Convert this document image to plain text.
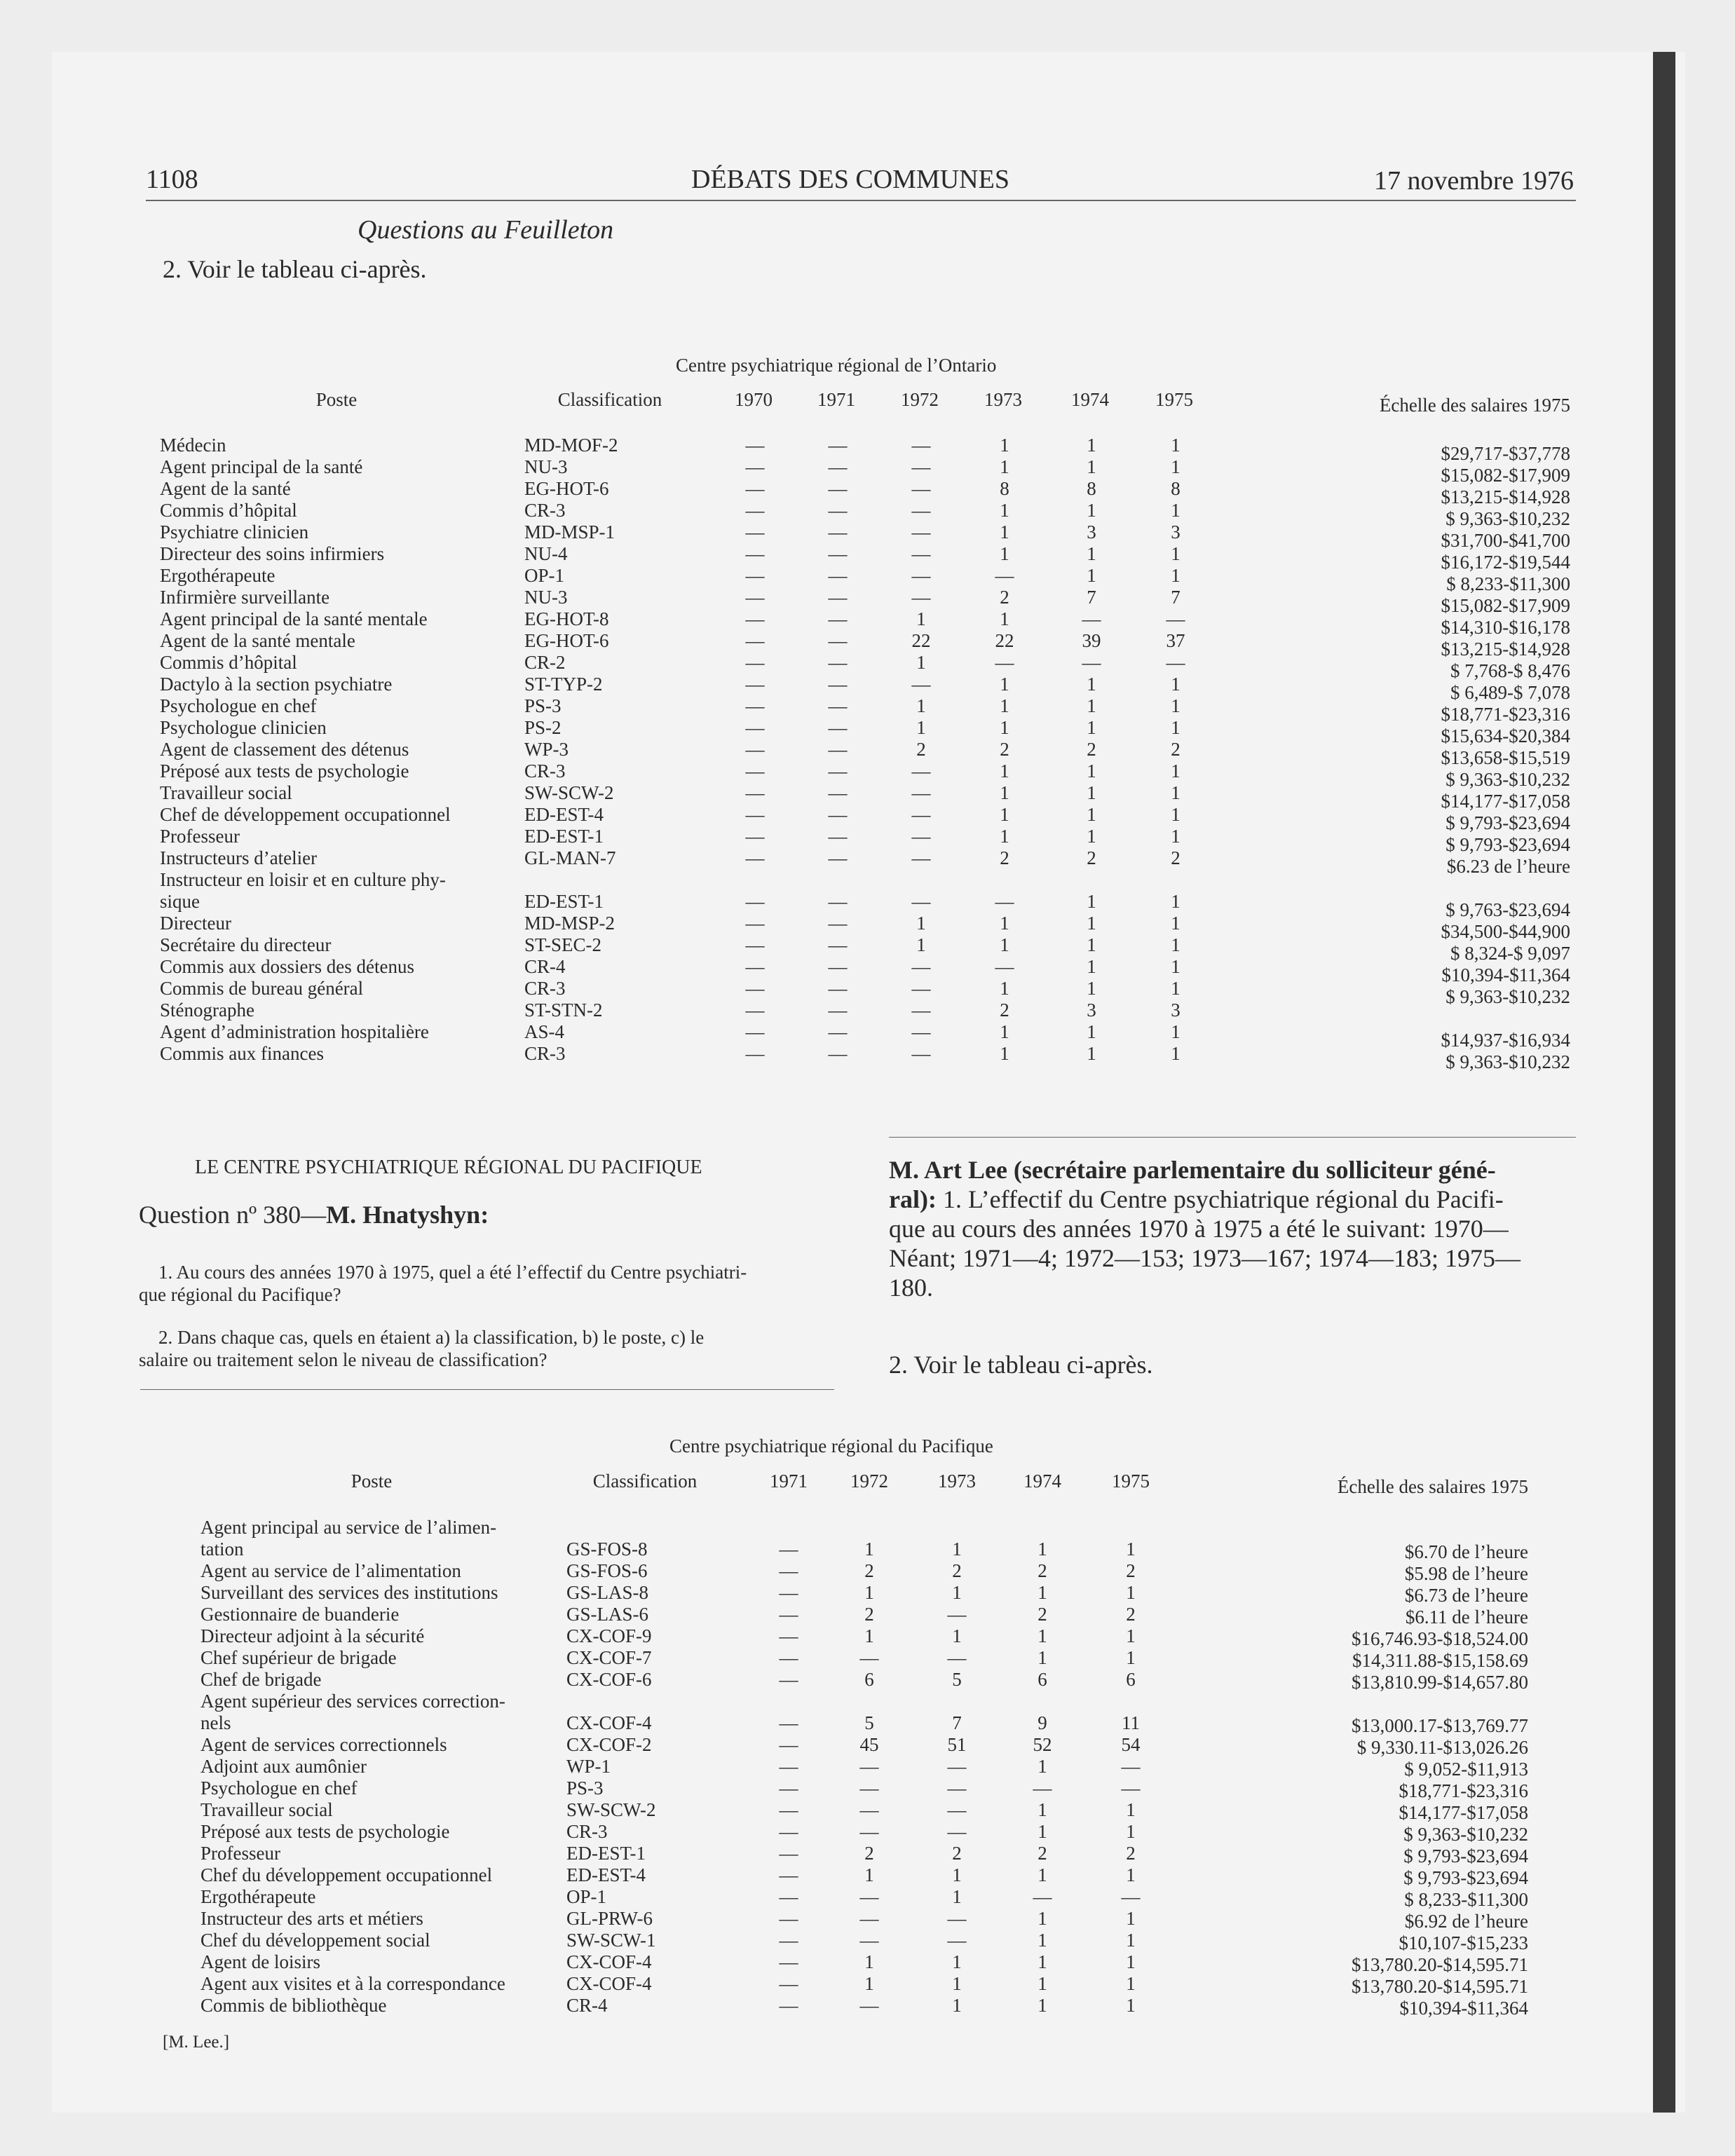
1108	DÉBATS DES COMMUNES	17 novembre 1976
Questions au Feuilleton
2. Voir le tableau ci-après.
Centre psychiatrique régional de l’Ontario
Poste	Classification	1970 1971 1972 1973	1974 1975	Échelle des salaires 1975
Médecin	MD-MOF-2	—	—	—	1	1	1	$29,717-$37,778
Agent principal de la santé	NU-3	—	—	—	1	1	1	$15,082-$17,909
Agent de la santé	EG-HOT-6	—	—	—	8	8	8	$13,215-$14,928
Commis d’hôpital	CR-3	—	—	—	1	1	1	$ 9,363-$10,232
Psychiatre clinicien	MD-MSP-1	—	—	—	1	3	3	$31,700-$41,700
Directeur des soins infirmiers	NU-4	—	—	—	1	1	1	$16,172-$19,544
Ergothérapeute	OP-1	—	—	—	—	1	1	$ 8,233-$11,300
Infirmière surveillante	NU-3	—	—	—	2	7	7	$15,082-$17,909
Agent principal de la santé mentale	EG-HOT-8	—	—	1	1	—	—	$14,310-$16,178
Agent de la santé mentale	EG-HOT-6	—	—	22	22	39	37	$13,215-$14,928
Commis d’hôpital	CR-2	—	—	1	—	—	—	$ 7,768-$ 8,476
Dactylo à la section psychiatre	ST-TYP-2	—	—	—	1	1	1	$ 6,489-$ 7,078
Psychologue en chef	PS-3	—	—	1	1	1	1	$18,771-$23,316
Psychologue clinicien	PS-2	—	—	1	1	1	1	$15,634-$20,384
Agent de classement des détenus	WP-3	—	—	2	2	2	2	$13,658-$15,519
Préposé aux tests de psychologie	CR-3	—	—	—	1	1	1	$ 9,363-$10,232
Travailleur social	SW-SCW-2	—	—	—	1	1	1	$14,177-$17,058
Chef de développement occupationnel	ED-EST-4	—	—	—	1	1	1	$ 9,793-$23,694
Professeur	ED-EST-1	—	—	—	1	1	1	$ 9,793-$23,694
Instructeurs d’atelier	GL-MAN-7	—	—	—	2	2	2	$6.23 de l’heure
Instructeur en loisir et en culture phy-
sique	ED-EST-1	—	—	—	—	1	1	$ 9,763-$23,694
Directeur	MD-MSP-2	—	—	1	1	1	1	$34,500-$44,900
Secrétaire du directeur	ST-SEC-2	—	—	1	1	1	1	$ 8,324-$ 9,097
Commis aux dossiers des détenus	CR-4	—	—	—	—	1	1	$10,394-$11,364
Commis de bureau général	CR-3	—	—	—	1	1	1	$ 9,363-$10,232
Sténographe	ST-STN-2	—	—	—	2	3	3
Agent d’administration hospitalière	AS-4	—	—	—	1	1	1	$14,937-$16,934
Commis aux finances	CR-3	—	—	—	1	1	1	$ 9,363-$10,232
LE CENTRE PSYCHIATRIQUE RÉGIONAL DU PACIFIQUE
Question nº 380—M. Hnatyshyn:
1. Au cours des années 1970 à 1975, quel a été l’effectif du Centre psychiatri-
que régional du Pacifique?
2. Dans chaque cas, quels en étaient a) la classification, b) le poste, c) le
salaire ou traitement selon le niveau de classification?
M. Art Lee (secrétaire parlementaire du solliciteur géné-
ral): 1. L’effectif du Centre psychiatrique régional du Pacifi-
que au cours des années 1970 à 1975 a été le suivant: 1970—
Néant; 1971—4; 1972—153; 1973—167; 1974—183; 1975—
180.
2. Voir le tableau ci-après.
Centre psychiatrique régional du Pacifique
Poste	Classification	1971 1972	1973	1974	1975	Échelle des salaires 1975
Agent principal au service de l’alimen-
tation	GS-FOS-8	—	1	1	1	1	$6.70 de l’heure
Agent au service de l’alimentation	GS-FOS-6	—	2	2	2	2	$5.98 de l’heure
Surveillant des services des institutions	GS-LAS-8	—	1	1	1	1	$6.73 de l’heure
Gestionnaire de buanderie	GS-LAS-6	—	2	—	2	2	$6.11 de l’heure
Directeur adjoint à la sécurité	CX-COF-9	—	1	1	1	1	$16,746.93-$18,524.00
Chef supérieur de brigade	CX-COF-7	—	—	—	1	1	$14,311.88-$15,158.69
Chef de brigade	CX-COF-6	—	6	5	6	6	$13,810.99-$14,657.80
Agent supérieur des services correction-
nels	CX-COF-4	—	5	7	9	11	$13,000.17-$13,769.77
Agent de services correctionnels	CX-COF-2	—	45	51	52	54	$ 9,330.11-$13,026.26
Adjoint aux aumônier	WP-1	—	—	—	1	—	$ 9,052-$11,913
Psychologue en chef	PS-3	—	—	—	—	—	$18,771-$23,316
Travailleur social	SW-SCW-2	—	—	—	1	1	$14,177-$17,058
Préposé aux tests de psychologie	CR-3	—	—	—	1	1	$ 9,363-$10,232
Professeur	ED-EST-1	—	2	2	2	2	$ 9,793-$23,694
Chef du développement occupationnel	ED-EST-4	—	1	1	1	1	$ 9,793-$23,694
Ergothérapeute	OP-1	—	—	1	—	—	$ 8,233-$11,300
Instructeur des arts et métiers	GL-PRW-6	—	—	—	1	1	$6.92 de l’heure
Chef du développement social	SW-SCW-1	—	—	—	1	1	$10,107-$15,233
Agent de loisirs	CX-COF-4	—	1	1	1	1	$13,780.20-$14,595.71
Agent aux visites et à la correspondance	CX-COF-4	—	1	1	1	1	$13,780.20-$14,595.71
Commis de bibliothèque	CR-4	—	—	1	1	1	$10,394-$11,364
[M. Lee.]
